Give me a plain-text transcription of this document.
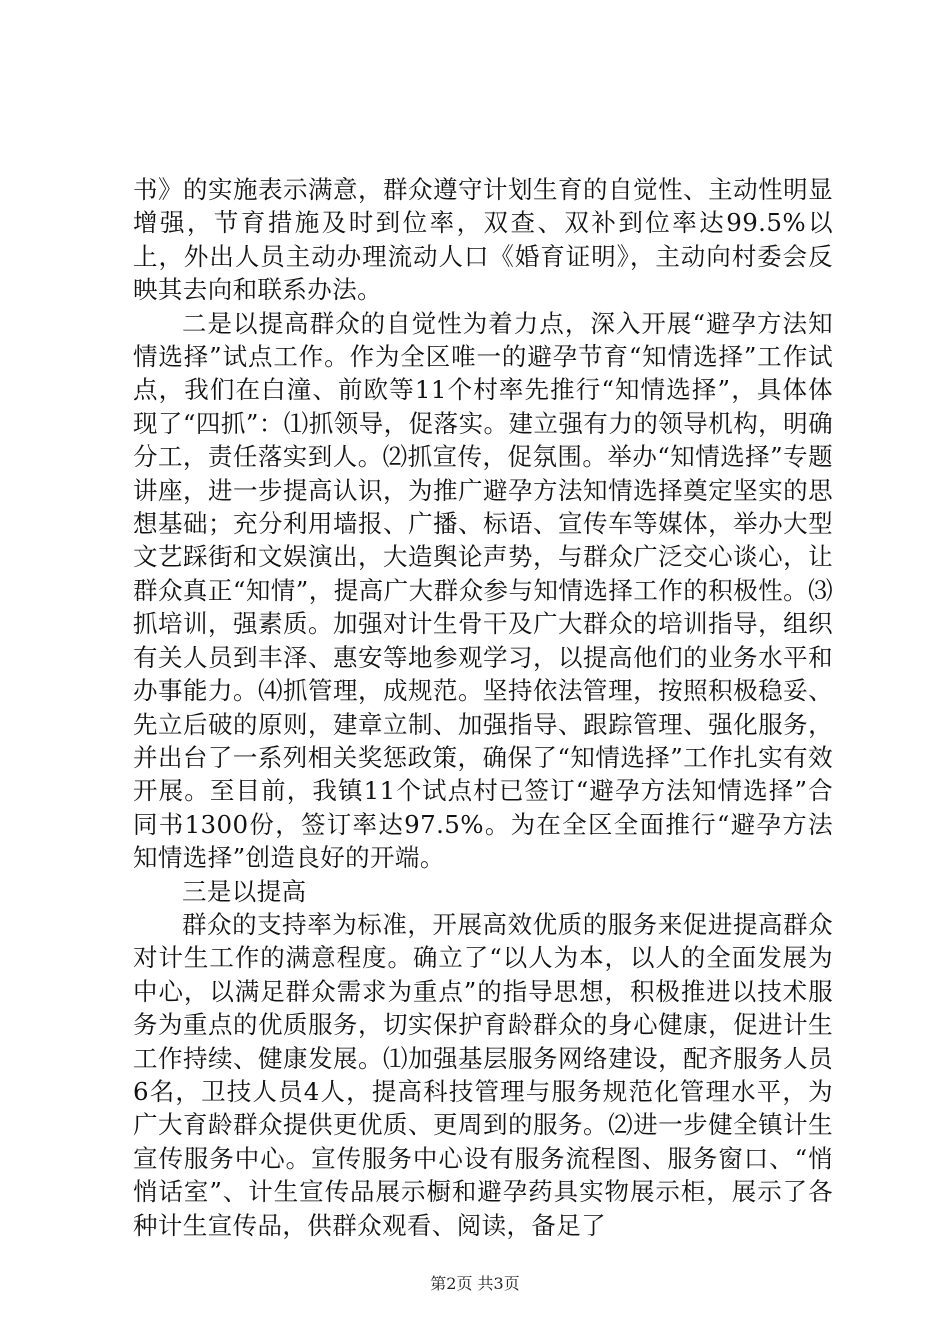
书》的实施表示满意，群众遵守计划生育的自觉性、主动性明显增强，节育措施及时到位率，双查、双补到位率达99.5%以上，外出人员主动办理流动人口《婚育证明》，主动向村委会反映其去向和联系办法。

二是以提高群众的自觉性为着力点，深入开展“避孕方法知情选择”试点工作。作为全区唯一的避孕节育“知情选择”工作试点，我们在白潼、前欧等11个村率先推行“知情选择”，具体体现了“四抓”：⑴抓领导，促落实。建立强有力的领导机构，明确分工，责任落实到人。⑵抓宣传，促氛围。举办“知情选择”专题讲座，进一步提高认识，为推广避孕方法知情选择奠定坚实的思想基础；充分利用墙报、广播、标语、宣传车等媒体，举办大型文艺踩街和文娱演出，大造舆论声势，与群众广泛交心谈心，让群众真正“知情”，提高广大群众参与知情选择工作的积极性。⑶抓培训，强素质。加强对计生骨干及广大群众的培训指导，组织有关人员到丰泽、惠安等地参观学习，以提高他们的业务水平和办事能力。⑷抓管理，成规范。坚持依法管理，按照积极稳妥、先立后破的原则，建章立制、加强指导、跟踪管理、强化服务，并出台了一系列相关奖惩政策，确保了“知情选择”工作扎实有效开展。至目前，我镇11个试点村已签订“避孕方法知情选择”合同书1300份，签订率达97.5%。为在全区全面推行“避孕方法知情选择”创造良好的开端。

三是以提高

群众的支持率为标准，开展高效优质的服务来促进提高群众对计生工作的满意程度。确立了“以人为本，以人的全面发展为中心，以满足群众需求为重点”的指导思想，积极推进以技术服务为重点的优质服务，切实保护育龄群众的身心健康，促进计生工作持续、健康发展。⑴加强基层服务网络建设，配齐服务人员6名，卫技人员4人，提高科技管理与服务规范化管理水平，为广大育龄群众提供更优质、更周到的服务。⑵进一步健全镇计生宣传服务中心。宣传服务中心设有服务流程图、服务窗口、“悄悄话室”、计生宣传品展示橱和避孕药具实物展示柜，展示了各种计生宣传品，供群众观看、阅读，备足了

第2页 共3页
